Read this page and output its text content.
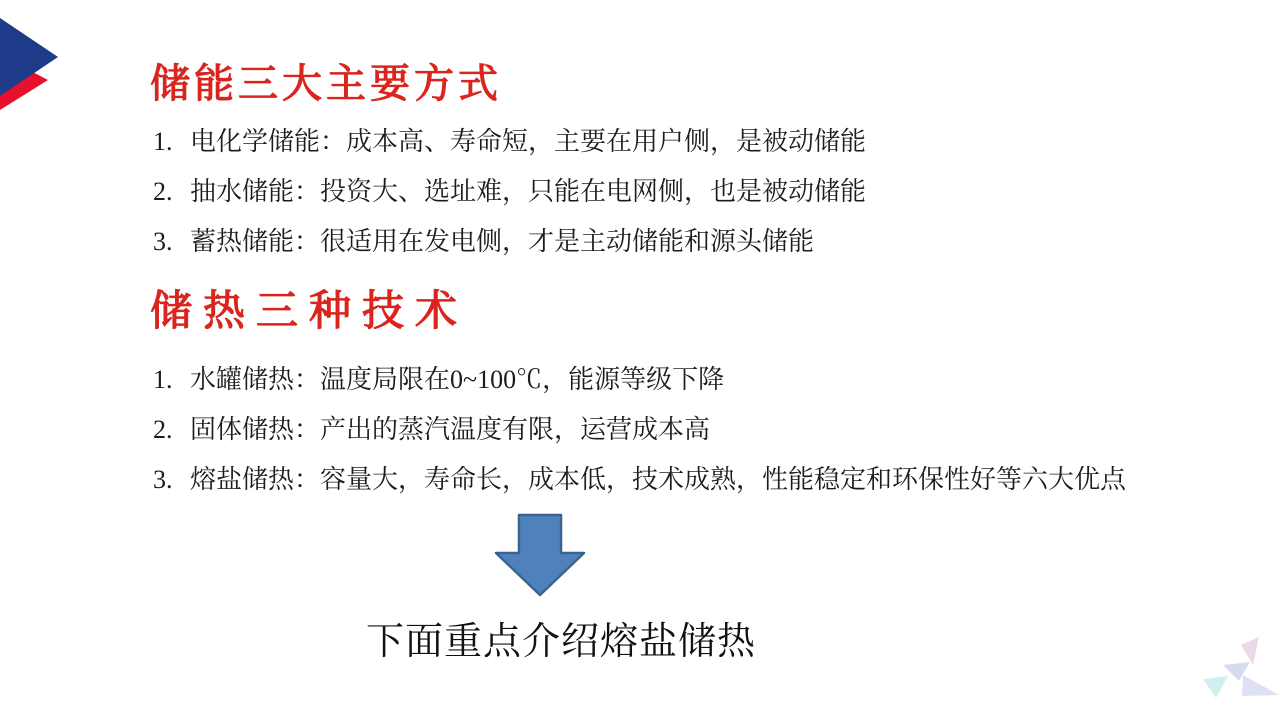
储能三大主要方式
1. 电化学储能：成本高、寿命短，主要在用户侧，是被动储能
2. 抽水储能：投资大、选址难，只能在电网侧，也是被动储能
3. 蓄热储能：很适用在发电侧，才是主动储能和源头储能
储热三种技术
1. 水罐储热：温度局限在0~100℃，能源等级下降
2. 固体储热：产出的蒸汽温度有限，运营成本高
3. 熔盐储热：容量大，寿命长，成本低，技术成熟，性能稳定和环保性好等六大优点
下面重点介绍熔盐储热
